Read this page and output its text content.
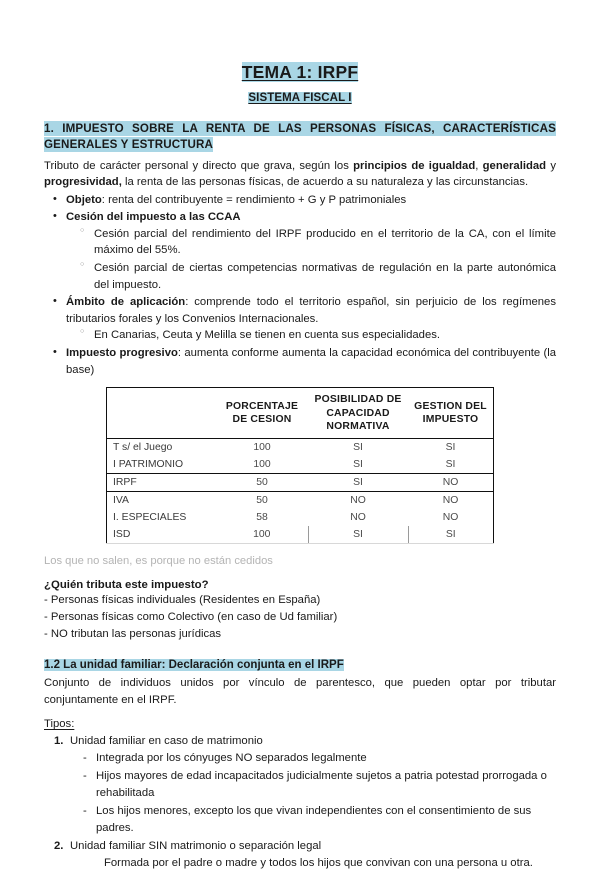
TEMA 1: IRPF
SISTEMA FISCAL I
1. IMPUESTO SOBRE LA RENTA DE LAS PERSONAS FÍSICAS, CARACTERÍSTICAS GENERALES Y ESTRUCTURA

Tributo de carácter personal y directo que grava, según los principios de igualdad, generalidad y progresividad, la renta de las personas físicas, de acuerdo a su naturaleza y las circunstancias.

• Objeto: renta del contribuyente = rendimiento + G y P patrimoniales
• Cesión del impuesto a las CCAA
○ Cesión parcial del rendimiento del IRPF producido en el territorio de la CA, con el límite máximo del 55%.
○ Cesión parcial de ciertas competencias normativas de regulación en la parte autonómica del impuesto.
• Ámbito de aplicación: comprende todo el territorio español, sin perjuicio de los regímenes tributarios forales y los Convenios Internacionales.
○ En Canarias, Ceuta y Melilla se tienen en cuenta sus especialidades.
• Impuesto progresivo: aumenta conforme aumenta la capacidad económica del contribuyente (la base)
	PORCENTAJE DE CESION	POSIBILIDAD DE CAPACIDAD NORMATIVA	GESTION DEL IMPUESTO
T s/ el Juego	100	SI	SI
I PATRIMONIO	100	SI	SI
IRPF	50	SI	NO
IVA	50	NO	NO
I. ESPECIALES	58	NO	NO
ISD	100	SI	SI

Los que no salen, es porque no están cedidos

¿Quién tributa este impuesto?

- Personas físicas individuales (Residentes en España)

- Personas físicas como Colectivo (en caso de Ud familiar)

- NO tributan las personas jurídicas

1.2 La unidad familiar: Declaración conjunta en el IRPF

Conjunto de individuos unidos por vínculo de parentesco, que pueden optar por tributar conjuntamente en el IRPF.

Tipos:

Unidad familiar en caso de matrimonio
- Integrada por los cónyuges NO separados legalmente
- Hijos mayores de edad incapacitados judicialmente sujetos a patria potestad prorrogada o rehabilitada
- Los hijos menores, excepto los que vivan independientes con el consentimiento de sus padres.
Unidad familiar SIN matrimonio o separación legal
Formada por el padre o madre y todos los hijos que convivan con una persona u otra.
